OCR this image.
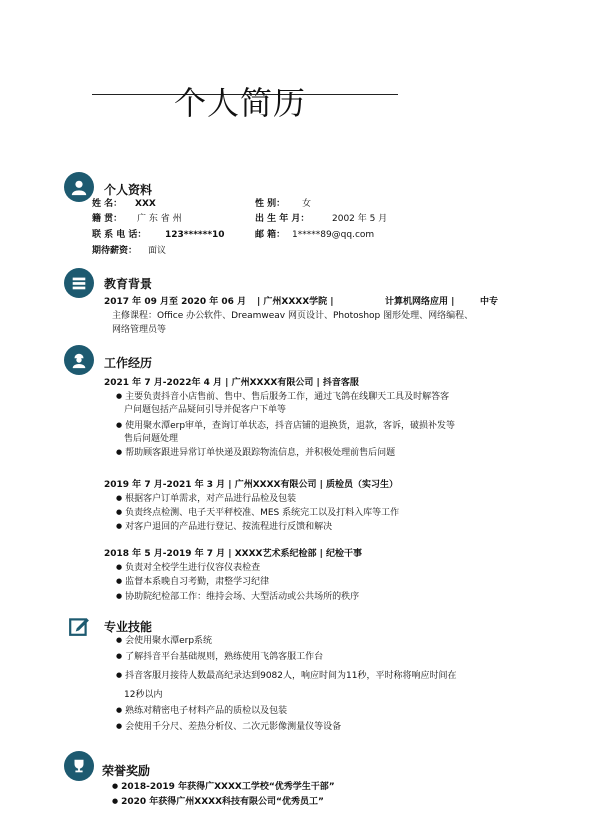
个人简历
个人资料
姓 名： XXX	性 别： 女
籍 贯： 广 东 省 州	出 生 年 月：	2002 年 5 月
联 系 电 话： 123******10	邮 箱： 1*****89@qq.com
期待薪资： 面议
教育背景
2017 年 09 月至 2020 年 06 月 | 广州XXXX学院 |	计算机网络应用 |	中专
主修课程：Office 办公软件、Dreamweav 网页设计、Photoshop 图形处理、网络编程、
网络管理员等
工作经历
2021 年 7 月-2022年 4 月 | 广州XXXX有限公司 | 抖音客服
● 主要负责抖音小店售前、售中、售后服务工作，通过飞鸽在线聊天工具及时解答客
户问题包括产品疑问引导并促客户下单等
● 使用聚水潭erp审单，查询订单状态，抖音店铺的退换货，退款，客诉，破损补发等
售后问题处理
● 帮助顾客跟进异常订单快递及跟踪物流信息，并积极处理前售后问题
2019 年 7 月-2021 年 3 月 | 广州XXXX有限公司 | 质检员（实习生）
● 根据客户订单需求，对产品进行品检及包装
● 负责终点检测、电子天平秤校准、MES 系统完工以及打料入库等工作
● 对客户退回的产品进行登记、按流程进行反馈和解决
2018 年 5 月-2019 年 7 月 | XXXX艺术系纪检部 | 纪检干事
● 负责对全校学生进行仪容仪表检查
● 监督本系晚自习考勤，肃整学习纪律
● 协助院纪检部工作：维持会场、大型活动或公共场所的秩序
专业技能
● 会使用聚水潭erp系统
● 了解抖音平台基础规则，熟练使用飞鸽客服工作台
● 抖音客服月接待人数最高纪录达到9082人，响应时间为11秒，平时称将响应时间在
12秒以内
● 熟练对精密电子材料产品的质检以及包装
● 会使用千分尺、差热分析仪、二次元影像测量仪等设备
荣誉奖励
● 2018-2019 年获得广XXXX工学校“优秀学生干部”
● 2020 年获得广州XXXX科技有限公司“优秀员工”
